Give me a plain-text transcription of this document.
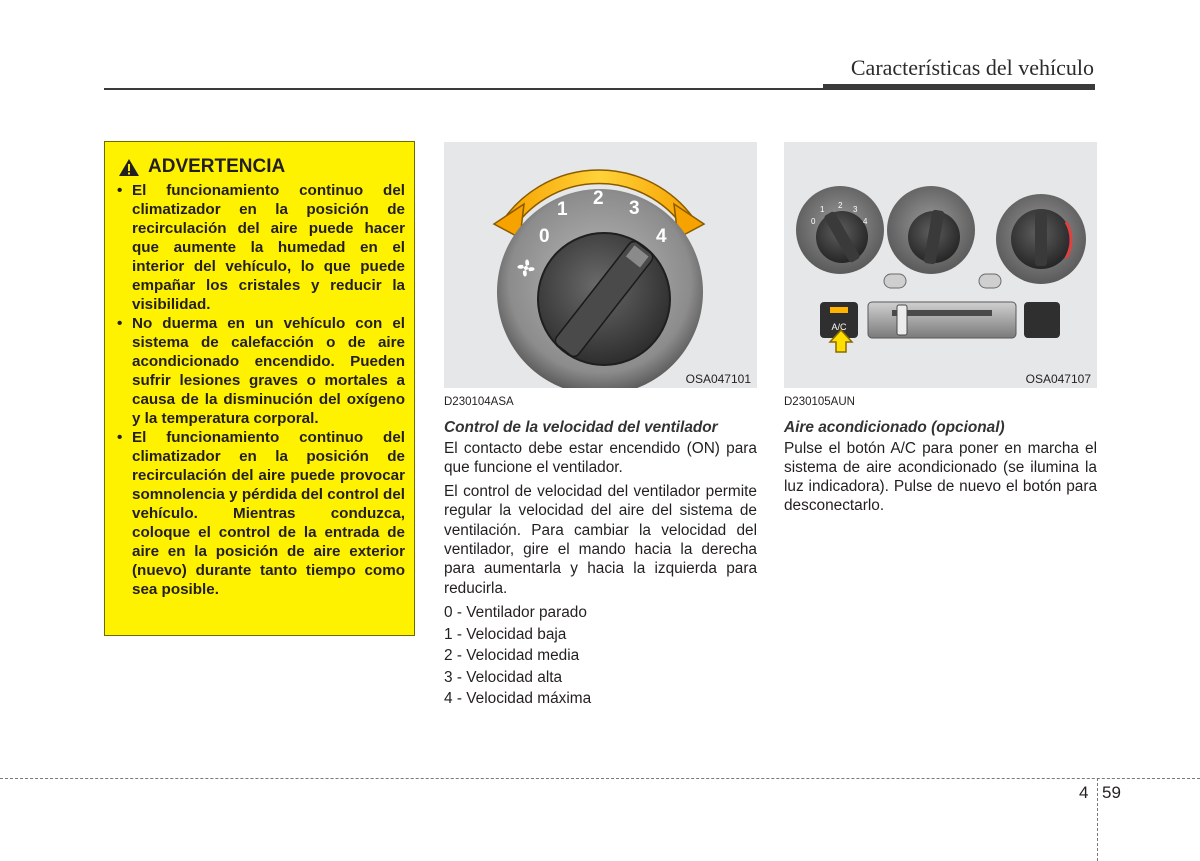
Características del vehículo
ADVERTENCIA
• El funcionamiento continuo del climatizador en la posición de recirculación del aire puede hacer que aumente la humedad en el interior del vehículo, lo que puede empañar los cristales y reducir la visibilidad.
• No duerma en un vehículo con el sistema de calefacción o de aire acondicionado encendido. Pueden sufrir lesiones graves o mortales a causa de la disminución del oxígeno y la temperatura corporal.
• El funcionamiento continuo del climatizador en la posición de recirculación del aire puede provocar somnolencia y pérdida del control del vehículo. Mientras conduzca, coloque el control de la entrada de aire en la posición de aire exterior (nuevo) durante tanto tiempo como sea posible.
0
1
2 3
4
OSA047101
0
1 2 3
4
A/C
OSA047107
D230104ASA
Control de la velocidad del ventilador

El contacto debe estar encendido (ON) para que funcione el ventilador.

El control de velocidad del ventilador permite regular la velocidad del aire del sistema de ventilación. Para cambiar la velocidad del ventilador, gire el mando hacia la derecha para aumentarla y hacia la izquierda para reducirla.

0 - Ventilador parado
1 - Velocidad baja
2 - Velocidad media
3 - Velocidad alta
4 - Velocidad máxima
D230105AUN
Aire acondicionado (opcional)

Pulse el botón A/C para poner en marcha el sistema de aire acondicionado (se ilumina la luz indicadora). Pulse de nuevo el botón para desconectarlo.

4 59
